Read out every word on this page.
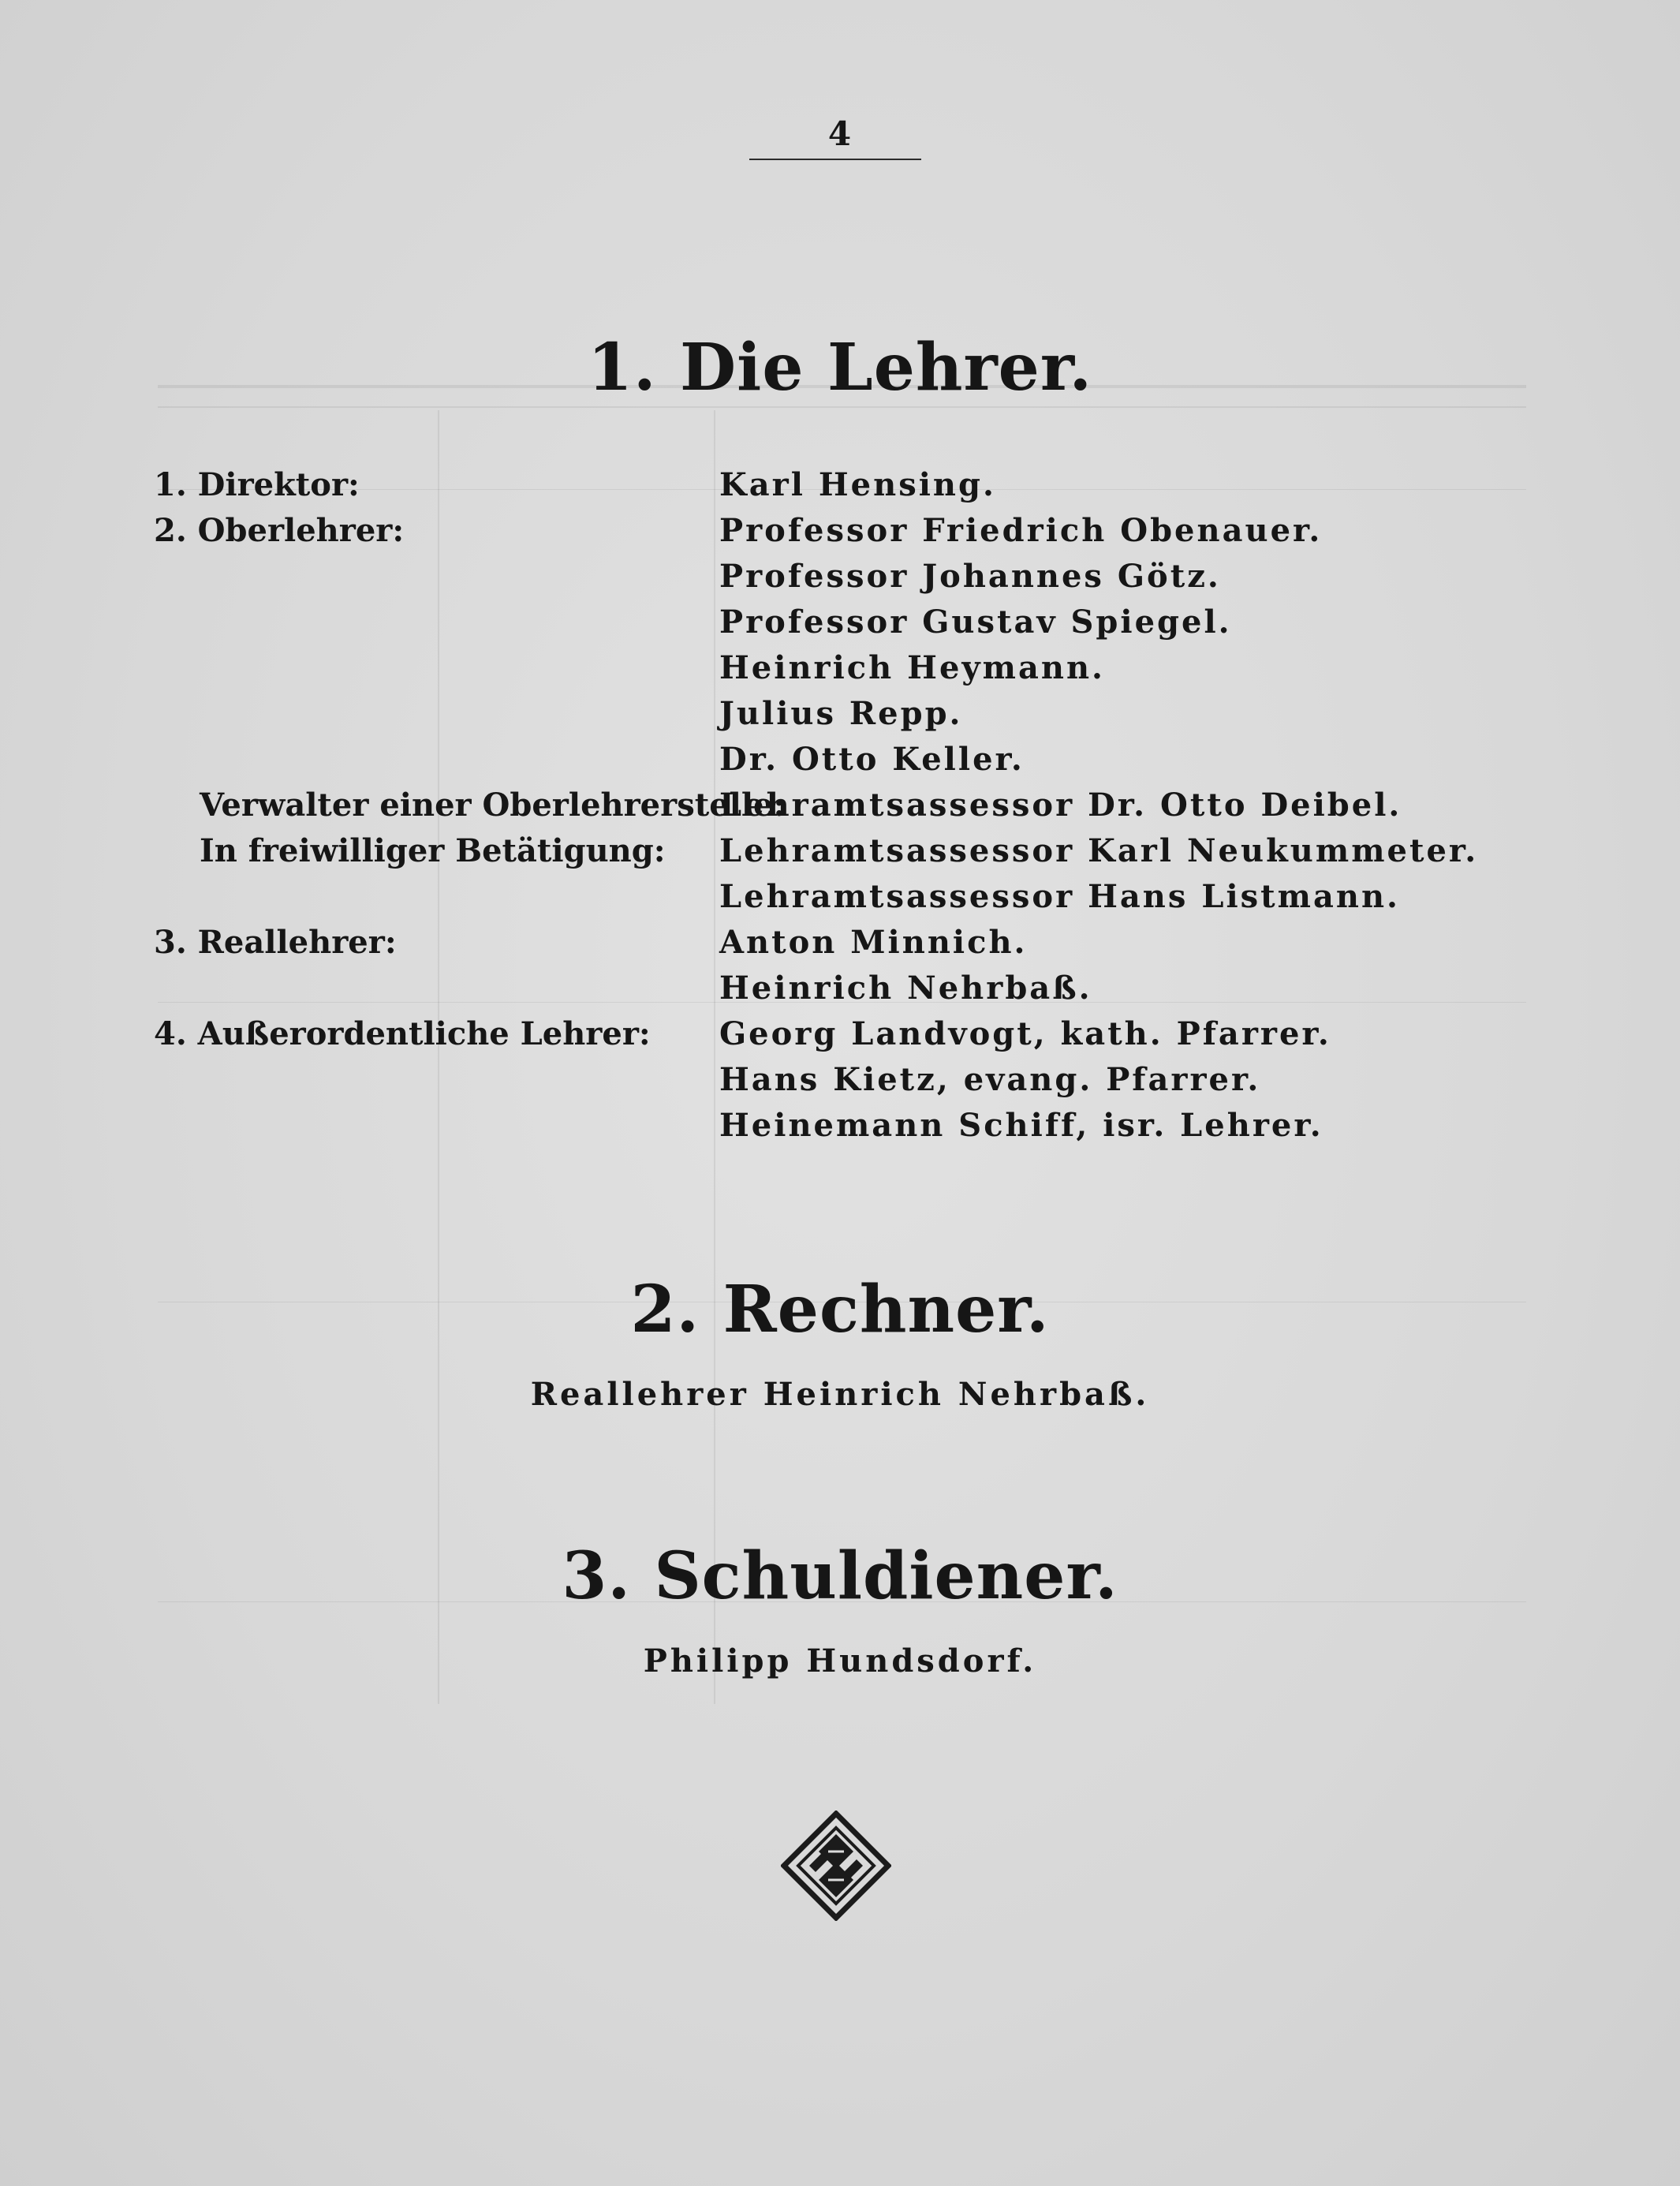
4
1. Die Lehrer.
1. Direktor:	Karl Hensing.
2. Oberlehrer:	Professor Friedrich Obenauer.
Professor Johannes Götz.
Professor Gustav Spiegel.
Heinrich Heymann.
Julius Repp.
Dr. Otto Keller.
Verwalter einer Oberlehrerstelle:
Lehramtsassessor Dr. Otto Deibel.
In freiwilliger Betätigung: Lehramtsassessor Karl Neukummeter.
Lehramtsassessor Hans Listmann.
3. Reallehrer:	Anton Minnich.
Heinrich Nehrbaß.
4. Außerordentliche Lehrer: Georg Landvogt, kath. Pfarrer.
Hans Kietz, evang. Pfarrer.
Heinemann Schiff, isr. Lehrer.
2. Rechner.
Reallehrer Heinrich Nehrbaß.
3. Schuldiener.
Philipp Hundsdorf.
